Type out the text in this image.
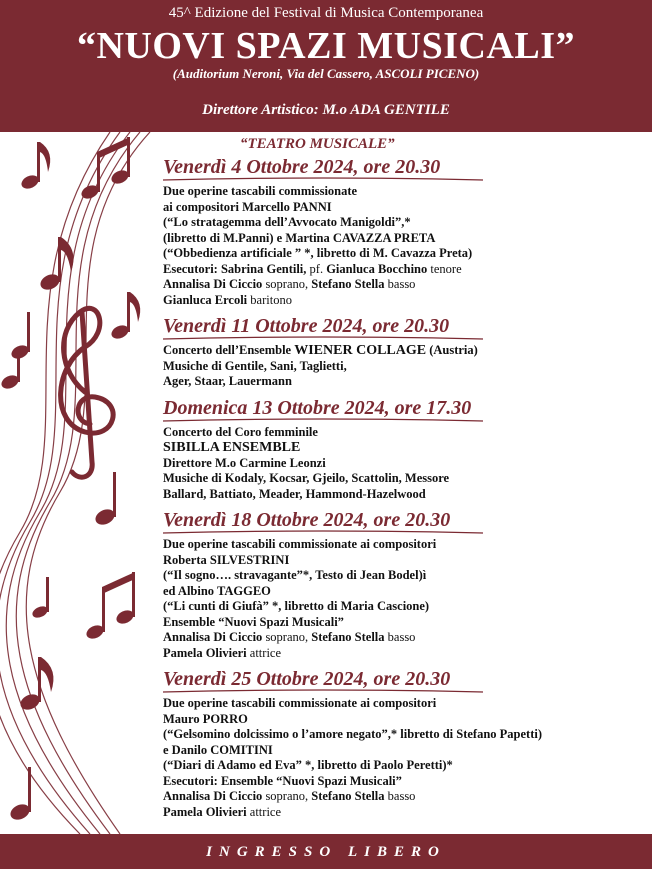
45^ Edizione del Festival di Musica Contemporanea
“NUOVI SPAZI MUSICALI”
(Auditorium Neroni, Via del Cassero, ASCOLI PICENO)
Direttore Artistico: M.o ADA GENTILE
“TEATRO MUSICALE”
Venerdì 4 Ottobre 2024, ore 20.30
Due operine tascabili commissionate
ai compositori Marcello PANNI
(“Lo stratagemma dell’Avvocato Manigoldi”,*
(libretto di M.Panni) e Martina CAVAZZA PRETA
(“Obbedienza artificiale ” *, libretto di M. Cavazza Preta)
Esecutori: Sabrina Gentili, pf. Gianluca Bocchino tenore
Annalisa Di Ciccio soprano, Stefano Stella basso
Gianluca Ercoli baritono
Venerdì 11 Ottobre 2024, ore 20.30
Concerto dell’Ensemble WIENER COLLAGE (Austria)
Musiche di Gentile, Sani, Taglietti,
Ager, Staar, Lauermann
Domenica 13 Ottobre 2024, ore 17.30
Concerto del Coro femminile
SIBILLA ENSEMBLE
Direttore M.o Carmine Leonzi
Musiche di Kodaly, Kocsar, Gjeilo, Scattolin, Messore
Ballard, Battiato, Meader, Hammond-Hazelwood
Venerdì 18 Ottobre 2024, ore 20.30
Due operine tascabili commissionate ai compositori
Roberta SILVESTRINI
(“Il sogno…. stravagante”*, Testo di Jean Bodel)ì
ed Albino TAGGEO
(“Li cunti di Giufà” *, libretto di Maria Cascione)
Ensemble “Nuovi Spazi Musicali”
Annalisa Di Ciccio soprano, Stefano Stella basso
Pamela Olivieri attrice
Venerdì 25 Ottobre 2024, ore 20.30
Due operine tascabili commissionate ai compositori
Mauro PORRO
(“Gelsomino dolcissimo o l’amore negato”,* libretto di Stefano Papetti)
e Danilo COMITINI
(“Diari di Adamo ed Eva” *, libretto di Paolo Peretti)*
Esecutori: Ensemble “Nuovi Spazi Musicali”
Annalisa Di Ciccio soprano, Stefano Stella basso
Pamela Olivieri attrice
INGRESSO LIBERO
